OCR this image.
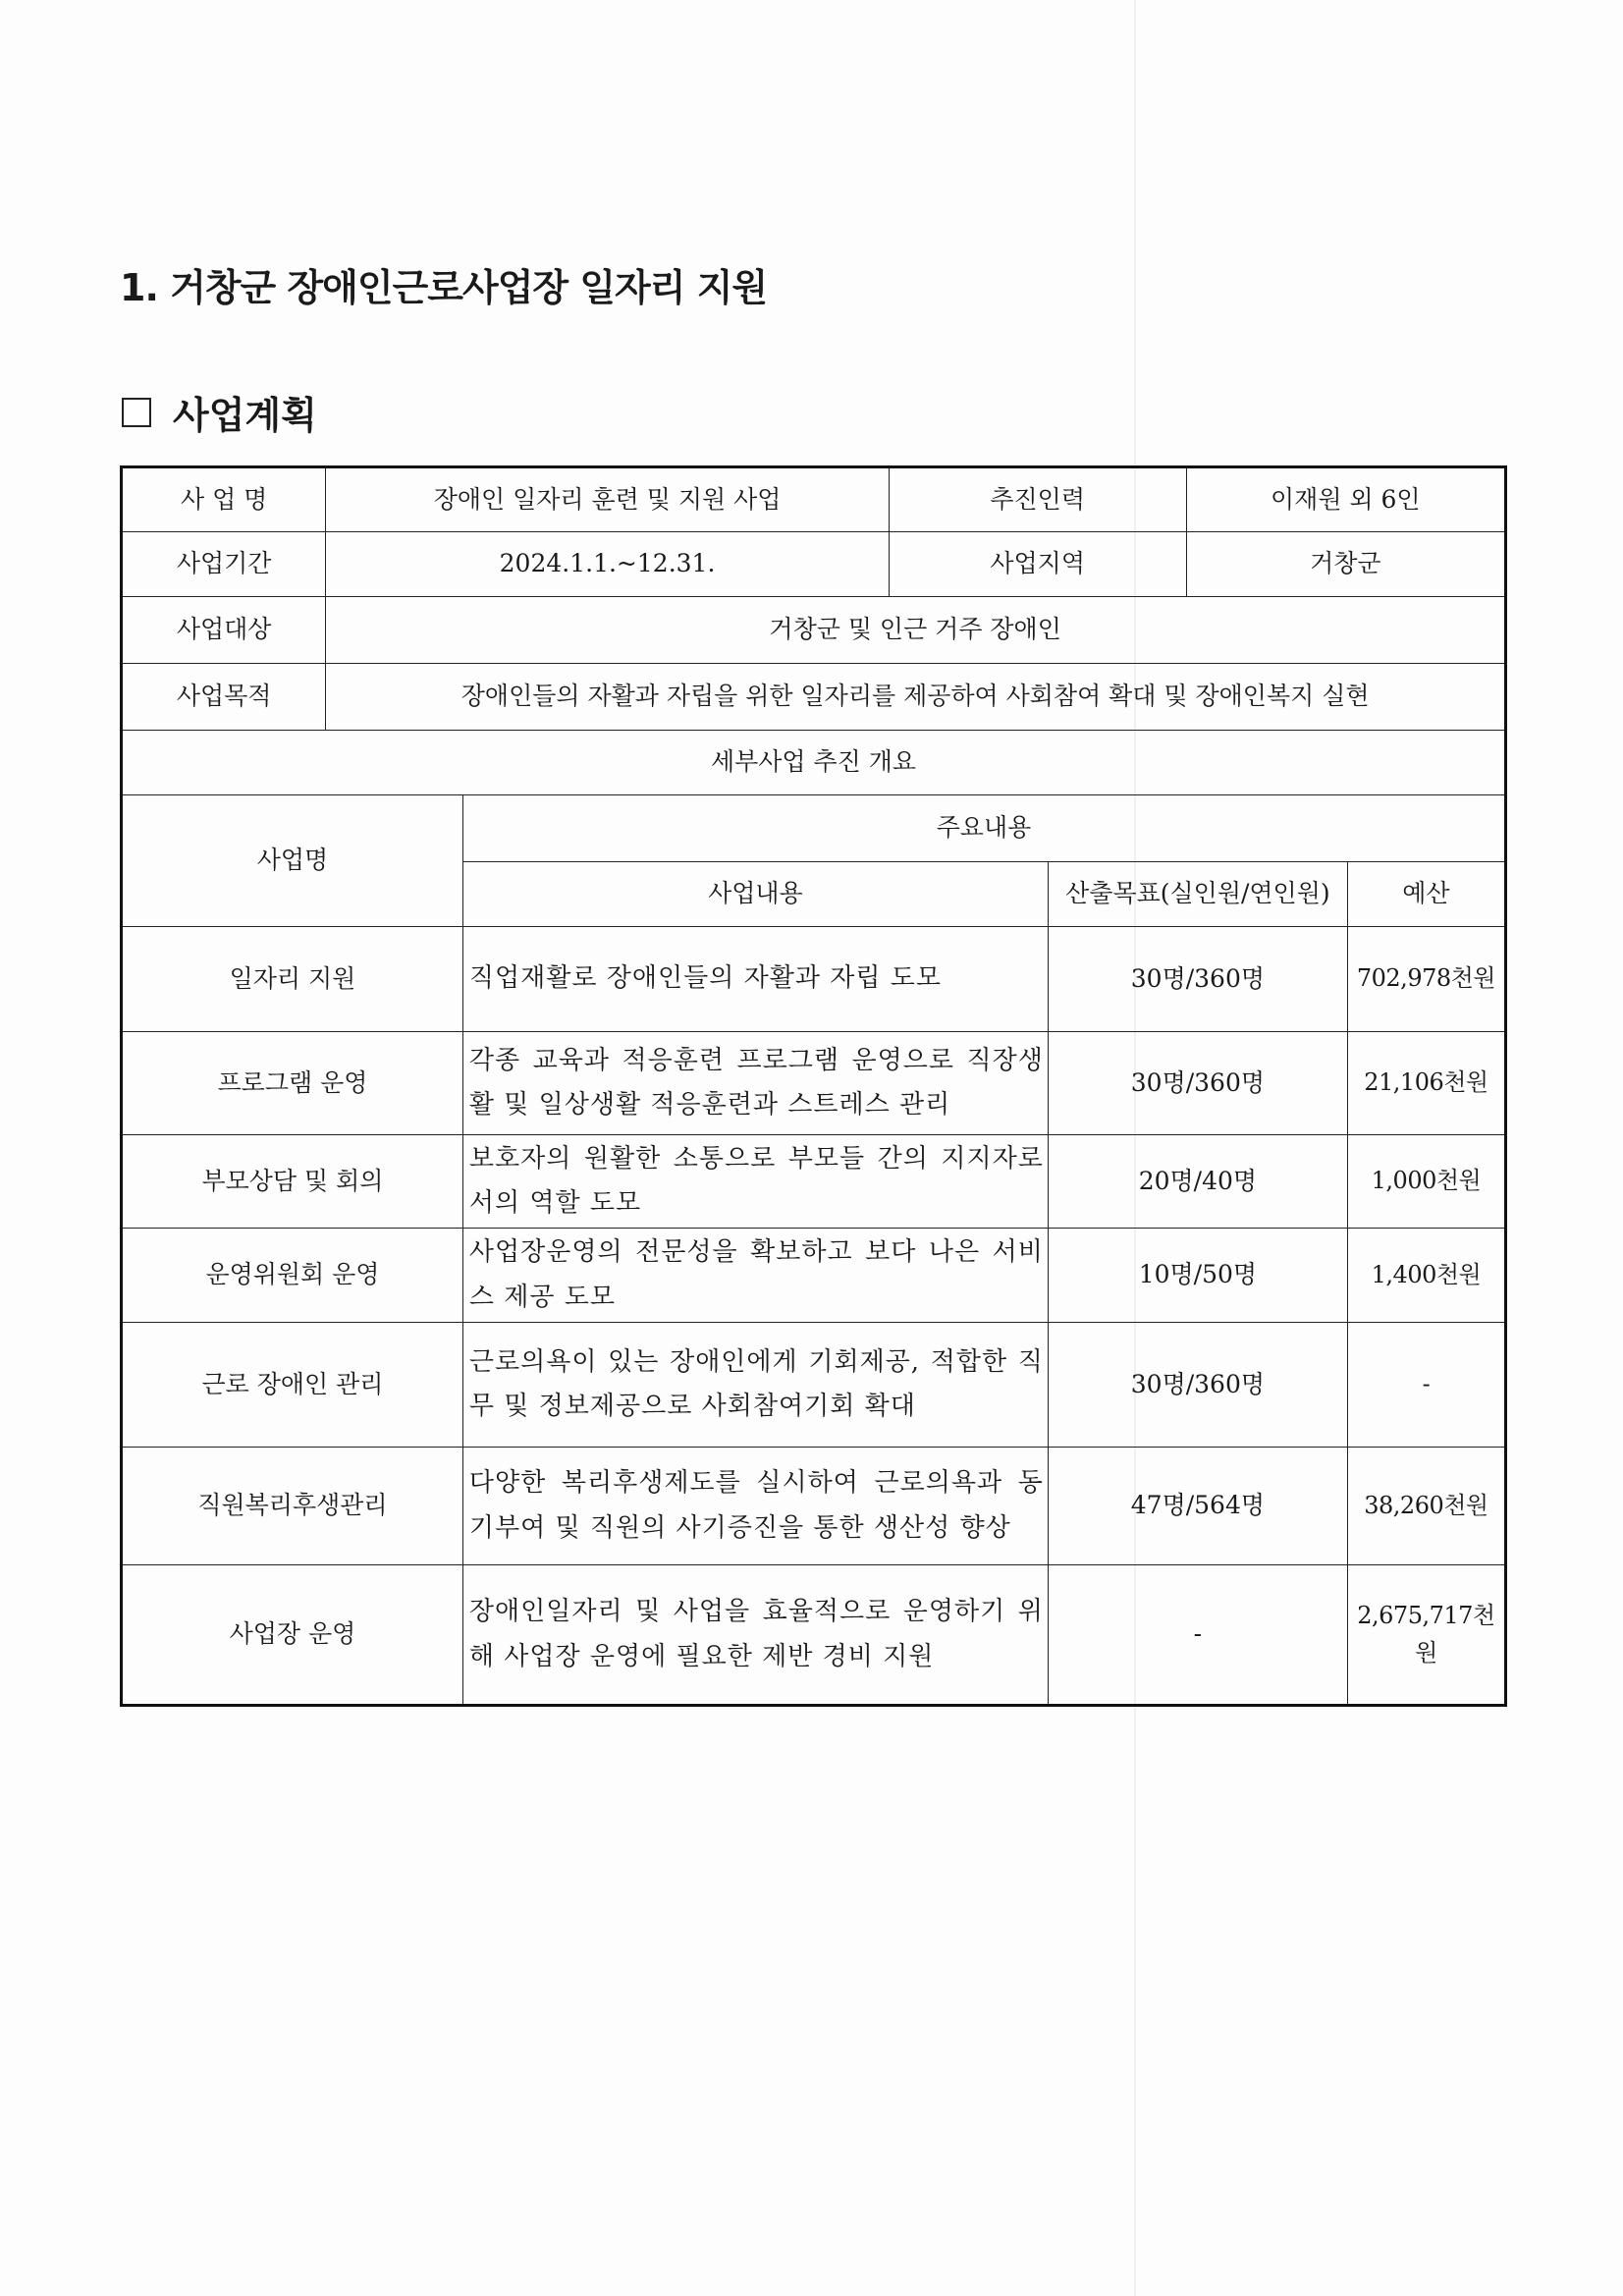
1. 거창군 장애인근로사업장 일자리 지원
사업계획
사 업 명	장애인 일자리 훈련 및 지원 사업		추진인력		이재원 외 6인	
사업기간	2024.1.1.~12.31.		사업지역		거창군	
사업대상	거창군 및 인근 거주 장애인					
사업목적	장애인들의 자활과 자립을 위한 일자리를 제공하여 사회참여 확대 및 장애인복지 실현					
세부사업 추진 개요						
사업명		주요내용				
		사업내용		산출목표(실인원/연인원)		예산
일자리 지원		직업재활로 장애인들의 자활과 자립 도모		30명/360명		702,978천원
프로그램 운영		각종 교육과 적응훈련 프로그램 운영으로 직장생활 및 일상생활 적응훈련과 스트레스 관리		30명/360명		21,106천원
부모상담 및 회의		보호자의 원활한 소통으로 부모들 간의 지지자로서의 역할 도모		20명/40명		1,000천원
운영위원회 운영		사업장운영의 전문성을 확보하고 보다 나은 서비스 제공 도모		10명/50명		1,400천원
근로 장애인 관리		근로의욕이 있는 장애인에게 기회제공, 적합한 직무 및 정보제공으로 사회참여기회 확대		30명/360명		-
직원복리후생관리		다양한 복리후생제도를 실시하여 근로의욕과 동기부여 및 직원의 사기증진을 통한 생산성 향상		47명/564명		38,260천원
사업장 운영		장애인일자리 및 사업을 효율적으로 운영하기 위해 사업장 운영에 필요한 제반 경비 지원		-		2,675,717천원
